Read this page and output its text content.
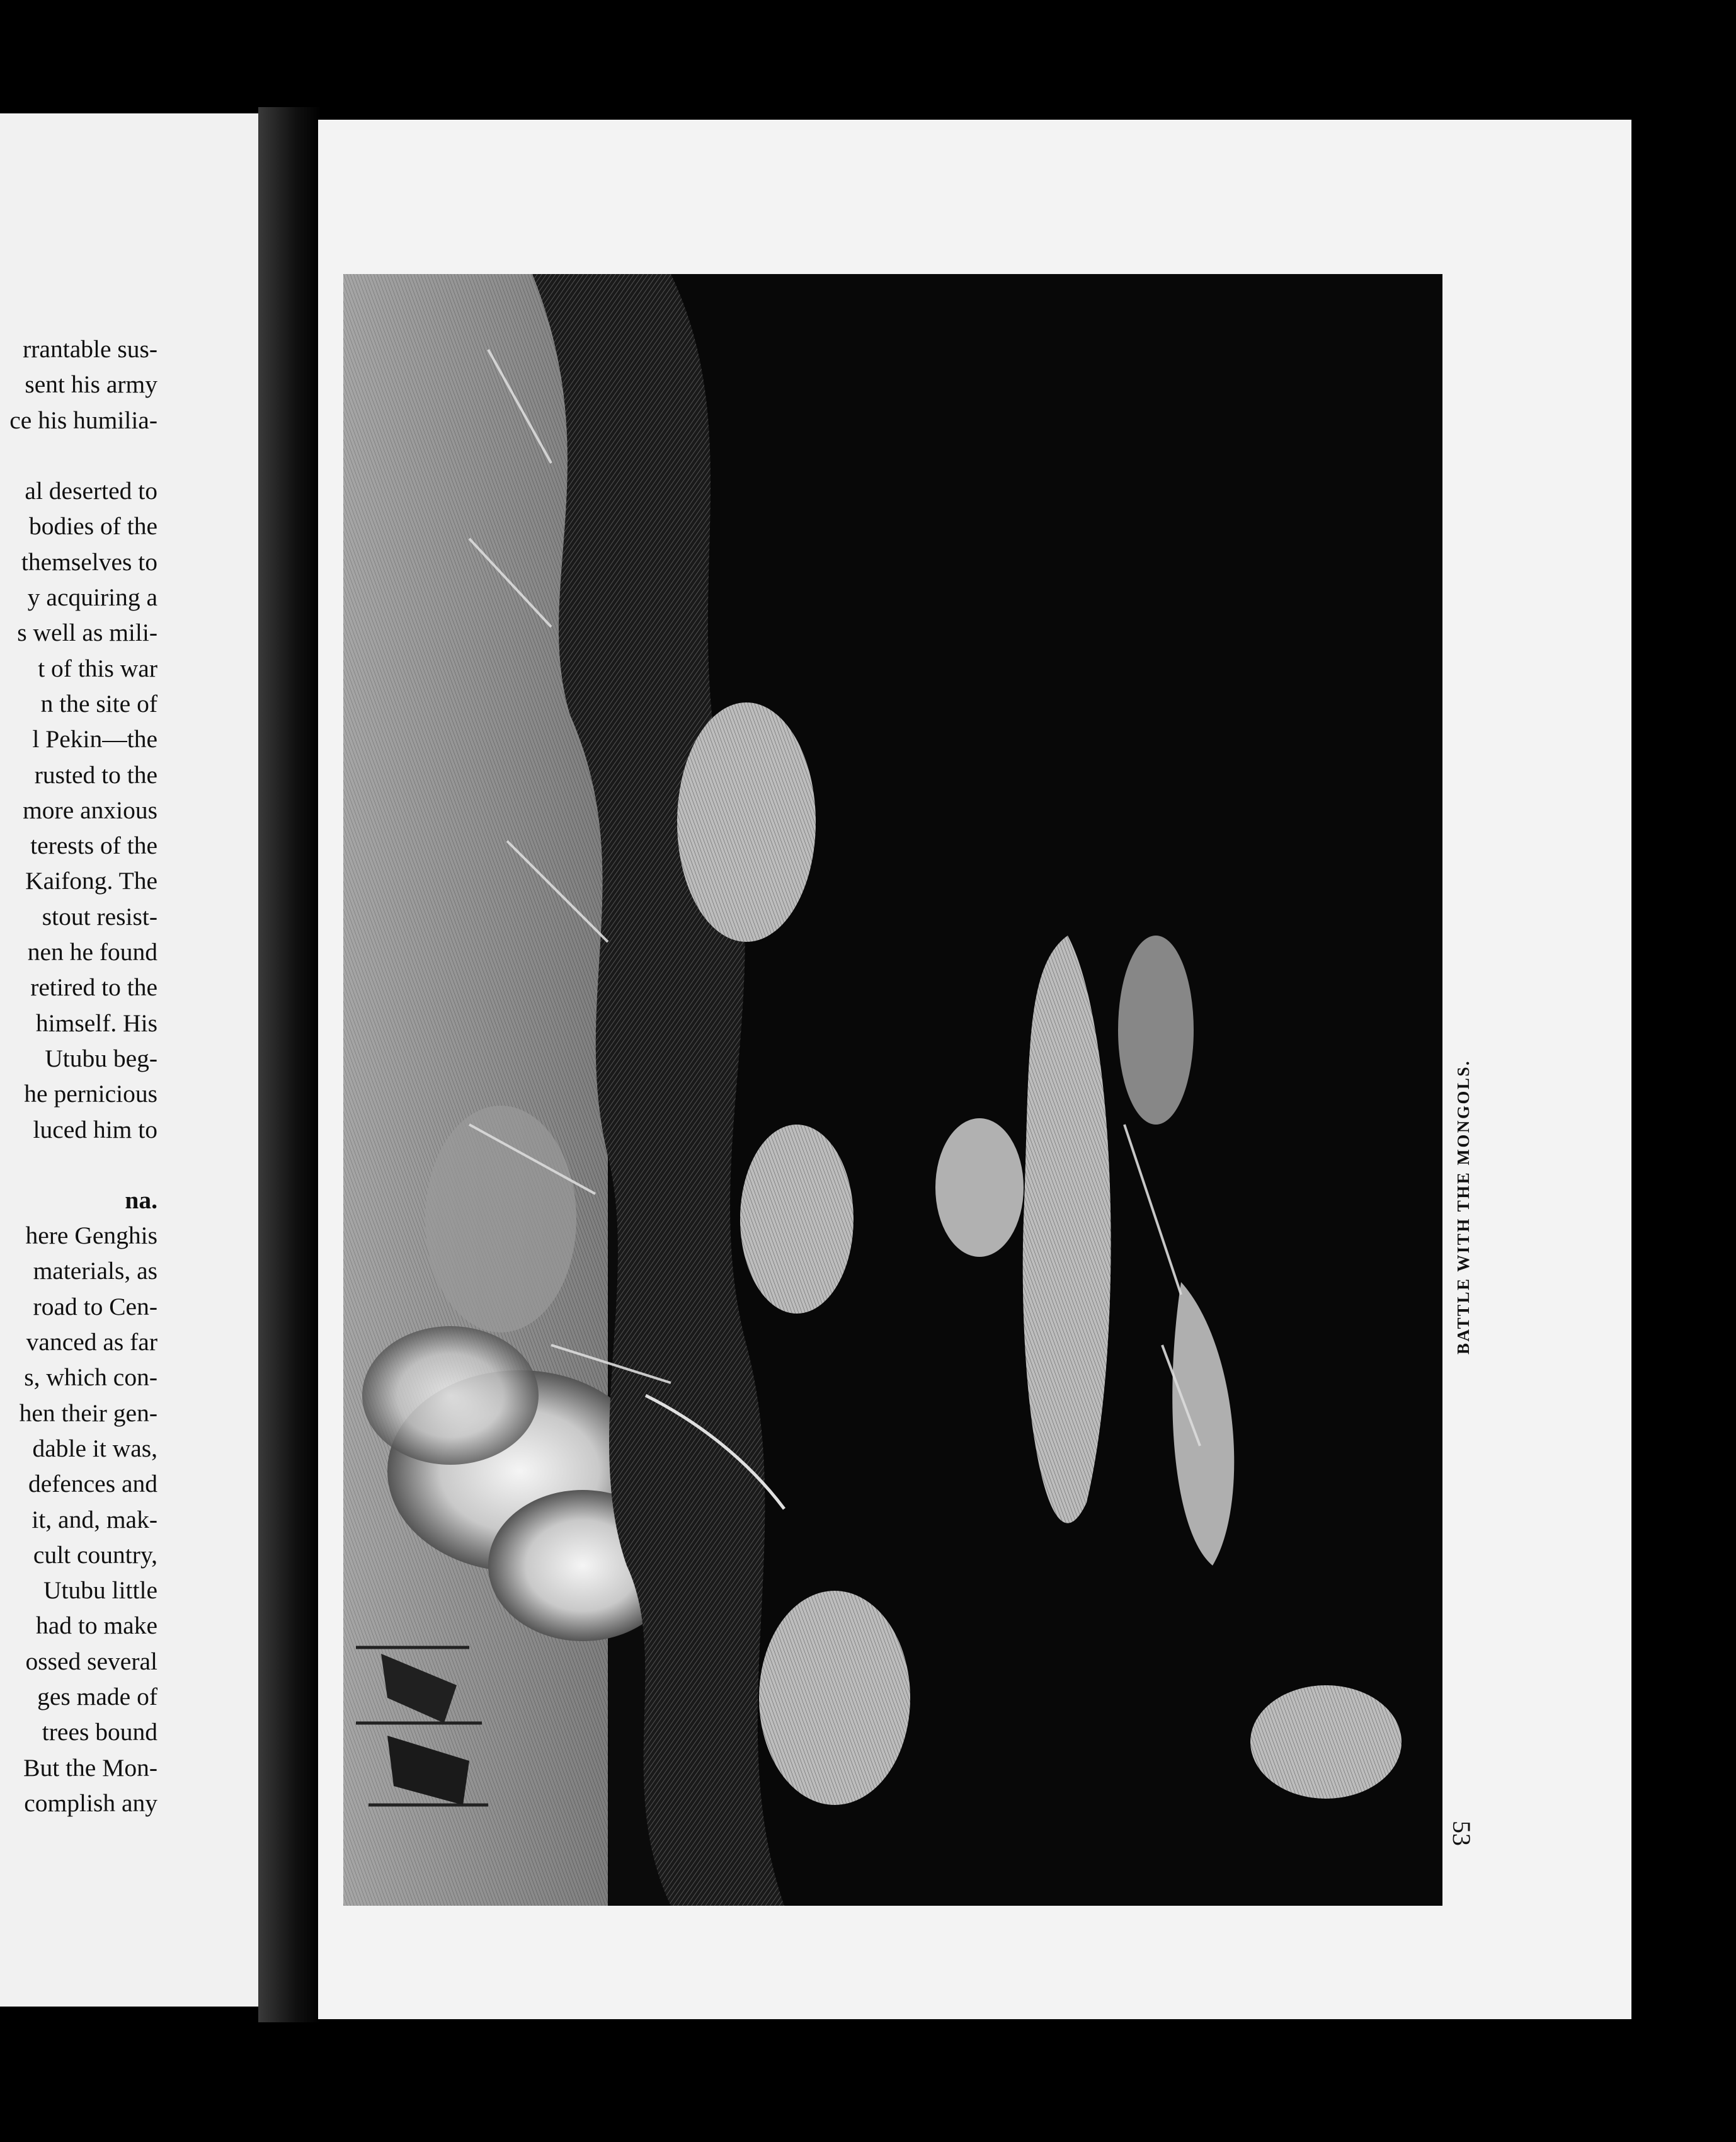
rrantable sus-
sent his army
ce his humilia-
al deserted to
bodies of the
themselves to
y acquiring a
s well as mili-
t of this war
n the site of
l Pekin—the
rusted to the
more anxious
terests of the
Kaifong. The
stout resist-
nen he found
retired to the
himself. His
Utubu beg-
he pernicious
luced him to
na.
here Genghis
materials, as
road to Cen-
vanced as far
s, which con-
hen their gen-
dable it was,
defences and
it, and, mak-
cult country,
Utubu little
had to make
ossed several
ges made of
trees bound
But the Mon-
complish any
BATTLE WITH THE MONGOLS.
53
